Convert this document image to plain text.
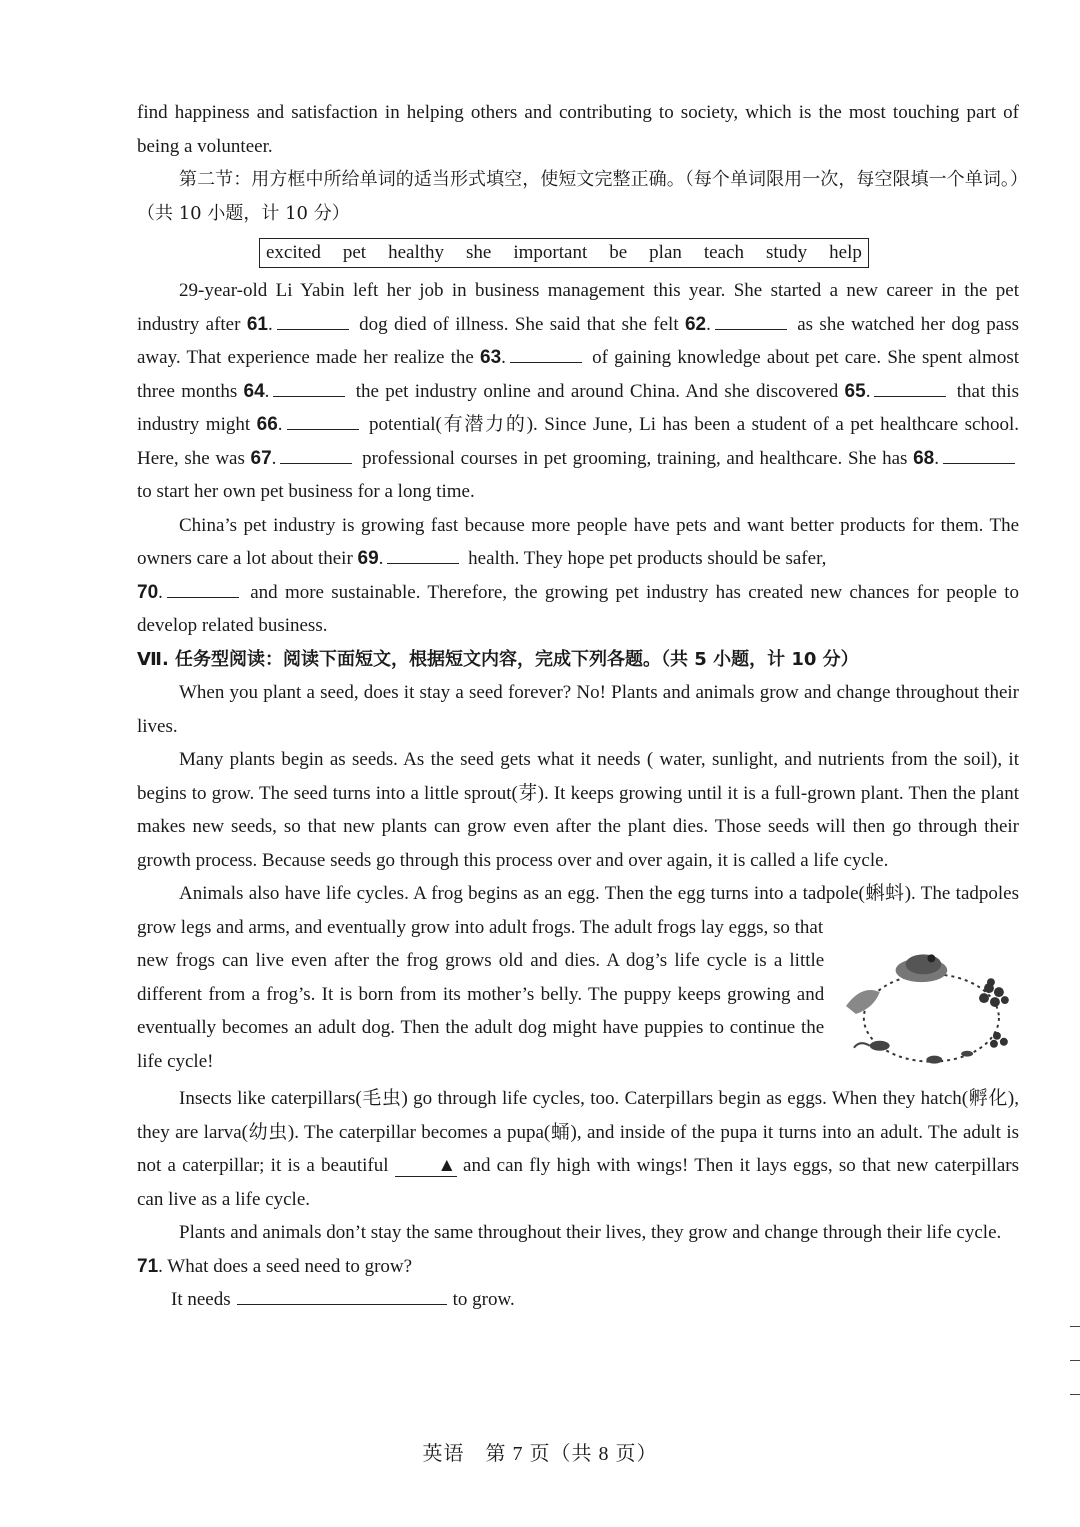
find happiness and satisfaction in helping others and contributing to society, which is the most touching part of being a volunteer.

第二节：用方框中所给单词的适当形式填空，使短文完整正确。（每个单词限用一次，每空限填一个单词。）（共 10 小题，计 10 分）

excited pet healthy she important be plan teach study help

29-year-old Li Yabin left her job in business management this year. She started a new career in the pet industry after 61.	dog died of illness. She said that she felt 62.	as she watched her dog pass away. That experience made her realize the 63.	of gaining knowledge about pet care. She spent almost three months 64.	the pet industry online and around China. And she discovered 65.	that this industry might 66.	potential(有潜力的). Since June, Li has been a student of a pet healthcare school. Here, she was 67.	professional courses in pet grooming, training, and healthcare. She has 68. to start her own pet business for a long time.

China’s pet industry is growing fast because more people have pets and want better products for them. The owners care a lot about their 69.	health. They hope pet products should be safer,
70.	and more sustainable. Therefore, the growing pet industry has created new chances for people to develop related business.

Ⅶ. 任务型阅读：阅读下面短文，根据短文内容，完成下列各题。（共 5 小题，计 10 分）

When you plant a seed, does it stay a seed forever? No! Plants and animals grow and change throughout their lives.

Many plants begin as seeds. As the seed gets what it needs ( water, sunlight, and nutrients from the soil), it begins to grow. The seed turns into a little sprout(芽). It keeps growing until it is a full-grown plant. Then the plant makes new seeds, so that new plants can grow even after the plant dies. Those seeds will then go through their growth process. Because seeds go through this process over and over again, it is called a life cycle.

Animals also have life cycles. A frog begins as an egg. Then the egg turns into a tadpole(蝌蚪). The tadpoles grow legs and arms, and eventually grow into adult frogs. The adult frogs lay eggs, so that

new frogs can live even after the frog grows old and dies. A dog’s life cycle is a little different from a frog’s. It is born from its mother’s belly. The puppy keeps growing and eventually becomes an adult dog. Then the adult dog might have puppies to continue the life cycle!

Insects like caterpillars(毛虫) go through life cycles, too. Caterpillars begin as eggs. When they hatch(孵化), they are larva(幼虫). The caterpillar becomes a pupa(蛹), and inside of the pupa it turns into an adult. The adult is not a caterpillar; it is a beautiful ▲ and can fly high with wings! Then it lays eggs, so that new caterpillars can live as a life cycle.

Plants and animals don’t stay the same throughout their lives, they grow and change through their life cycle.

71. What does a seed need to grow?

It needs	to grow.

英语　第 7 页（共 8 页）
